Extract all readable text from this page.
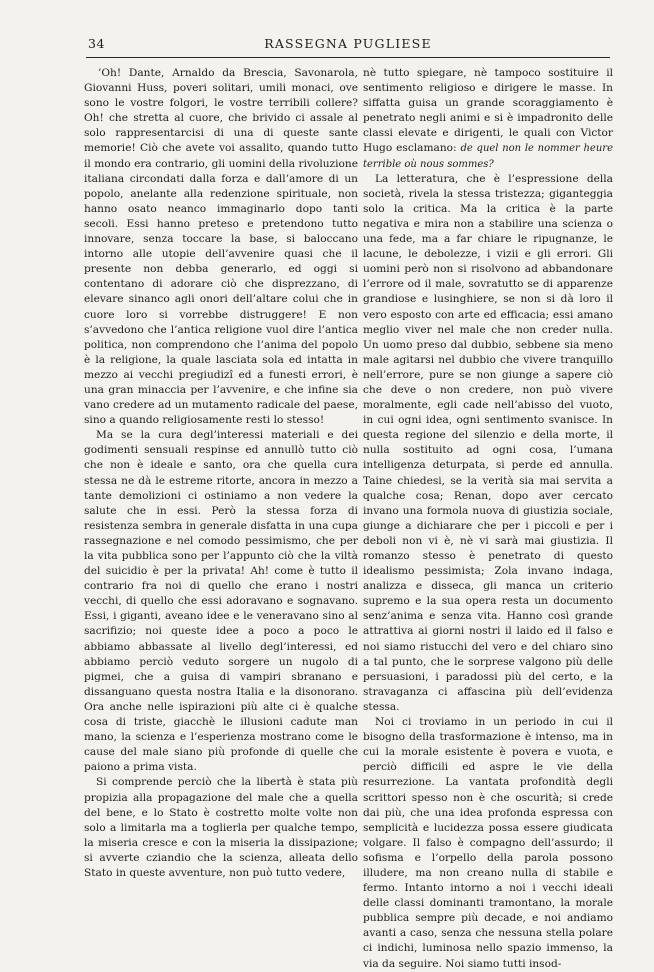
34	RASSEGNA PUGLIESE

’Oh! Dante, Arnaldo da Brescia, Savonarola, Giovanni Huss, poveri solitari, umili monaci, ove sono le vostre folgori, le vostre terribili collere? Oh! che stretta al cuore, che brivido ci assale al solo rappresentarcisi di una di queste sante memorie! Ciò che avete voi assalito, quando tutto il mondo era contrario, gli uomini della rivoluzione italiana circondati dalla forza e dall’amore di un popolo, anelante alla redenzione spirituale, non hanno osato neanco immaginarlo dopo tanti secoli. Essi hanno preteso e pretendono tutto innovare, senza toccare la base, si baloccano intorno alle utopie dell’avvenire quasi che il presente non debba generarlo, ed oggi si contentano di adorare ciò che disprezzano, di elevare sinanco agli onori dell’altare colui che in cuore loro si vorrebbe distruggere! E non s’avvedono che l’antica religione vuol dire l’antica politica, non comprendono che l’anima del popolo è la religione, la quale lasciata sola ed intatta in mezzo ai vecchi pregiudizî ed a funesti errori, è una gran minaccia per l’avvenire, e che infine sia vano credere ad un mutamento radicale del paese, sino a quando religiosamente resti lo stesso!

Ma se la cura degl’interessi materiali e dei godimenti sensuali respinse ed annullò tutto ciò che non è ideale e santo, ora che quella cura stessa ne dà le estreme ritorte, ancora in mezzo a tante demolizioni ci ostiniamo a non vedere la salute che in essi. Però la stessa forza di resistenza sembra in generale disfatta in una cupa rassegnazione e nel comodo pessimismo, che per la vita pubblica sono per l’appunto ciò che la viltà del suicidio è per la privata! Ah! come è tutto il contrario fra noi di quello che erano i nostri vecchi, di quello che essi adoravano e sognavano. Essi, i giganti, aveano idee e le veneravano sino al sacrifizio; noi queste idee a poco a poco le abbiamo abbassate al livello degl’interessi, ed abbiamo perciò veduto sorgere un nugolo di pigmei, che a guisa di vampiri sbranano e dissanguano questa nostra Italia e la disonorano. Ora anche nelle ispirazioni più alte ci è qualche cosa di triste, giacchè le illusioni cadute man mano, la scienza e l’esperienza mostrano come le cause del male siano più profonde di quelle che paiono a prima vista.

Si comprende perciò che la libertà è stata più propizia alla propagazione del male che a quella del bene, e lo Stato è costretto molte volte non solo a limitarla ma a toglierla per qualche tempo, la miseria cresce e con la miseria la dissipazione; si avverte cziandio che la scienza, alleata dello Stato in queste avventure, non può tutto vedere,

nè tutto spiegare, nè tampoco sostituire il sentimento religioso e dirigere le masse. In siffatta guisa un grande scoraggiamento è penetrato negli animi e si è impadronito delle classi elevate e dirigenti, le quali con Victor Hugo esclamano: de quel non le nommer heure terrible où nous sommes?

La letteratura, che è l’espressione della società, rivela la stessa tristezza; giganteggia solo la critica. Ma la critica è la parte negativa e mira non a stabilire una scienza o una fede, ma a far chiare le ripugnanze, le lacune, le debolezze, i vizii e gli errori. Gli uomini però non si risolvono ad abbandonare l’errore od il male, sovratutto se di apparenze grandiose e lusinghiere, se non si dà loro il vero esposto con arte ed efficacia; essi amano meglio viver nel male che non creder nulla. Un uomo preso dal dubbio, sebbene sia meno male agitarsi nel dubbio che vivere tranquillo nell’errore, pure se non giunge a sapere ciò che deve o non credere, non può vivere moralmente, egli cade nell’abisso del vuoto, in cui ogni idea, ogni sentimento svanisce. In questa regione del silenzio e della morte, il nulla sostituito ad ogni cosa, l’umana intelligenza deturpata, si perde ed annulla. Taine chiedesi, se la verità sia mai servita a qualche cosa; Renan, dopo aver cercato invano una formola nuova di giustizia sociale, giunge a dichiarare che per i piccoli e per i deboli non vi è, nè vi sarà mai giustizia. Il romanzo stesso è penetrato di questo idealismo pessimista; Zola invano indaga, analizza e disseca, gli manca un criterio supremo e la sua opera resta un documento senz’anima e senza vita. Hanno così grande attrattiva ai giorni nostri il laido ed il falso e noi siamo ristucchi del vero e del chiaro sino a tal punto, che le sorprese valgono più delle persuasioni, i paradossi più del certo, e la stravaganza ci affascina più dell’evidenza stessa.

Noi ci troviamo in un periodo in cui il bisogno della trasformazione è intenso, ma in cui la morale esistente è povera e vuota, e perciò difficili ed aspre le vie della resurrezione. La vantata profondità degli scrittori spesso non è che oscurità; si crede dai più, che una idea profonda espressa con semplicità e lucidezza possa essere giudicata volgare. Il falso è compagno dell’assurdo; il sofisma e l’orpello della parola possono illudere, ma non creano nulla di stabile e fermo. Intanto intorno a noi i vecchi ideali delle classi dominanti tramontano, la morale pubblica sempre più decade, e noi andiamo avanti a caso, senza che nessuna stella polare ci indichi, luminosa nello spazio immenso, la via da seguire. Noi siamo tutti insod-
